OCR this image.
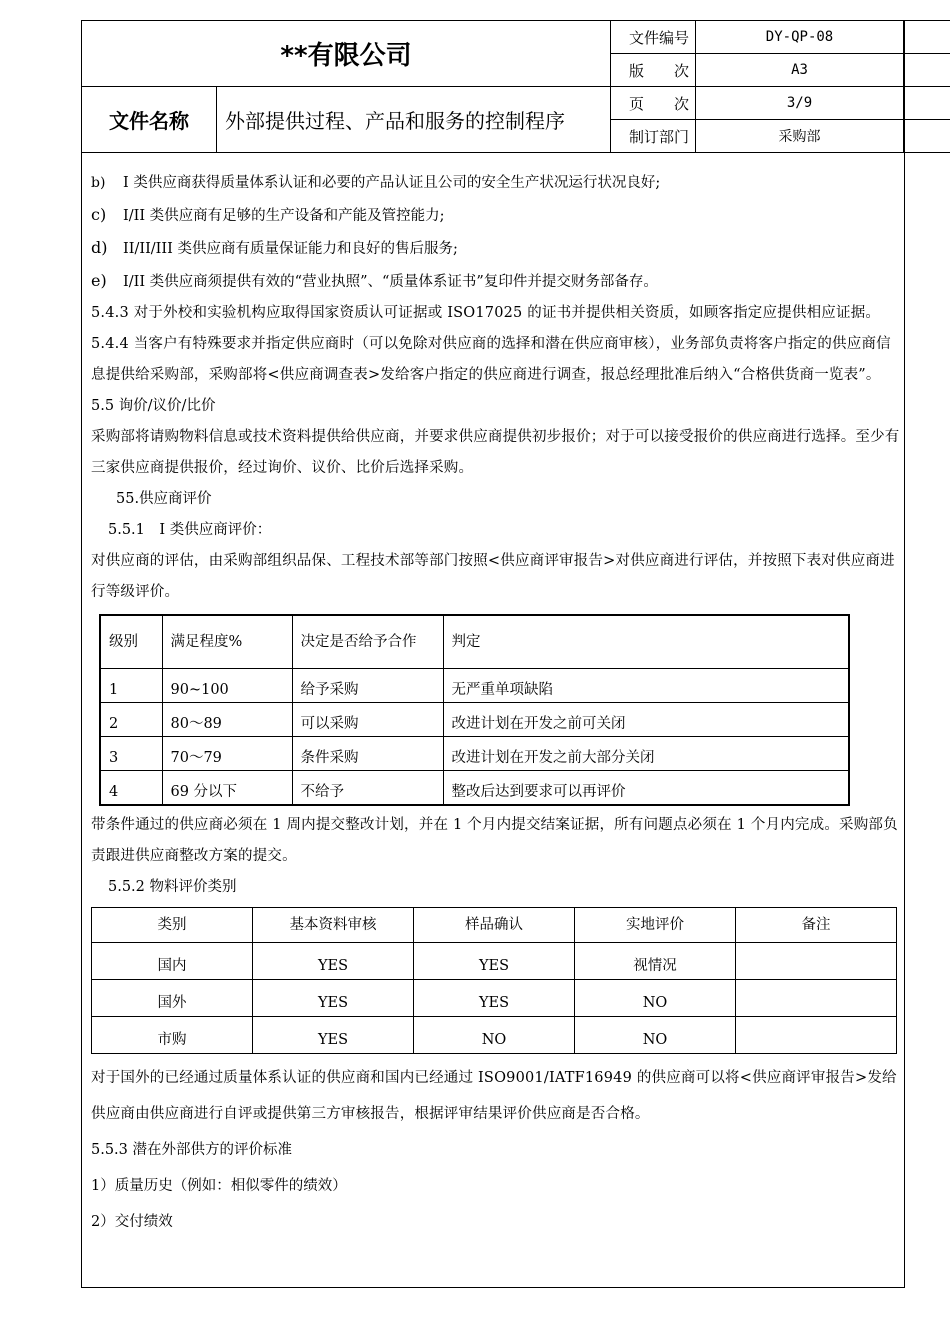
**有限公司		文件编号	DY-QP-08	
		版　　次	A3	
文件名称	外部提供过程、产品和服务的控制程序	页　　次	3/9	
		制订部门	采购部	
b) I 类供应商获得质量体系认证和必要的产品认证且公司的安全生产状况运行状况良好;
c) I/II 类供应商有足够的生产设备和产能及管控能力;
d) II/II/III 类供应商有质量保证能力和良好的售后服务;
e) I/II 类供应商须提供有效的“营业执照”、“质量体系证书”复印件并提交财务部备存。
5.4.3 对于外校和实验机构应取得国家资质认可证据或 ISO17025 的证书并提供相关资质，如顾客指定应提供相应证据。
5.4.4 当客户有特殊要求并指定供应商时（可以免除对供应商的选择和潜在供应商审核），业务部负责将客户指定的供应商信息提供给采购部，采购部将<供应商调查表>发给客户指定的供应商进行调查，报总经理批准后纳入“合格供货商一览表”。
5.5 询价/议价/比价
采购部将请购物料信息或技术资料提供给供应商，并要求供应商提供初步报价；对于可以接受报价的供应商进行选择。至少有三家供应商提供报价，经过询价、议价、比价后选择采购。
55.供应商评价
5.5.1　I 类供应商评价：
对供应商的评估，由采购部组织品保、工程技术部等部门按照<供应商评审报告>对供应商进行评估，并按照下表对供应商进行等级评价。
级别	满足程度%	决定是否给予合作	判定
1	90~100	给予采购	无严重单项缺陷
2	80～89	可以采购	改进计划在开发之前可关闭
3	70～79	条件采购	改进计划在开发之前大部分关闭
4	69 分以下	不给予	整改后达到要求可以再评价
带条件通过的供应商必须在 1 周内提交整改计划，并在 1 个月内提交结案证据，所有问题点必须在 1 个月内完成。采购部负责跟进供应商整改方案的提交。
5.5.2 物料评价类别
类别	基本资料审核	样品确认	实地评价	备注
国内	YES	YES	视情况	
国外	YES	YES	NO	
市购	YES	NO	NO	
对于国外的已经通过质量体系认证的供应商和国内已经通过 ISO9001/IATF16949 的供应商可以将<供应商评审报告>发给供应商由供应商进行自评或提供第三方审核报告，根据评审结果评价供应商是否合格。
5.5.3 潜在外部供方的评价标准
1）质量历史（例如：相似零件的绩效）
2）交付绩效
